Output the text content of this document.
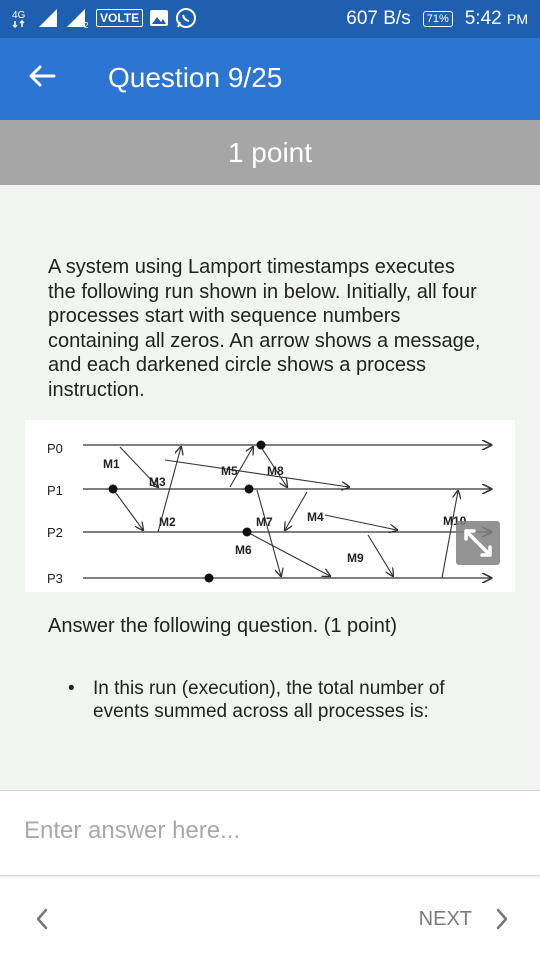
4G
2
VOLTE	607 B/s	71% 5:42 PM
Question 9/25
1 point
A system using Lamport timestamps executes the following run shown in below. Initially, all four processes start with sequence numbers containing all zeros. An arrow shows a message, and each darkened circle shows a process instruction.
P0
P1
P2
P3
M1
M2
M3
M4
M5
M6
M7
M8
M9
M10
Answer the following question. (1 point)
• In this run (execution), the total number of events summed across all processes is:
Enter answer here...
NEXT
